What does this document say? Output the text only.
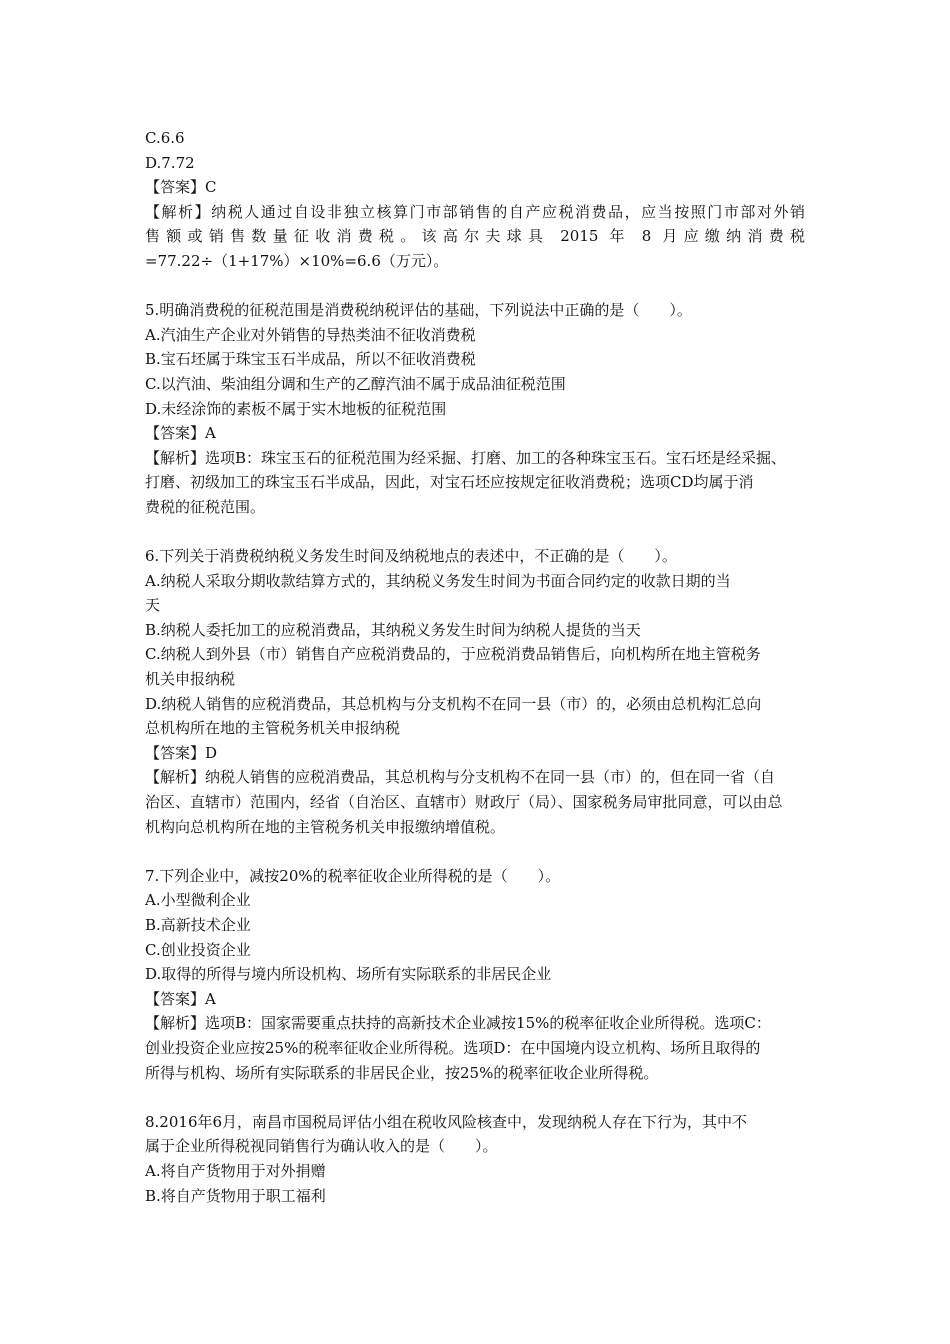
C.6.6
D.7.72
【答案】C
【解析】纳税人通过自设非独立核算门市部销售的自产应税消费品，应当按照门市部对外销
售额或销售数量征收消费税。该高尔夫球具 2015 年 8 月应缴纳消费税
=77.22÷（1+17%）×10%=6.6（万元）。
5.明确消费税的征税范围是消费税纳税评估的基础，下列说法中正确的是（　　）。
A.汽油生产企业对外销售的导热类油不征收消费税
B.宝石坯属于珠宝玉石半成品，所以不征收消费税
C.以汽油、柴油组分调和生产的乙醇汽油不属于成品油征税范围
D.未经涂饰的素板不属于实木地板的征税范围
【答案】A
【解析】选项B：珠宝玉石的征税范围为经采掘、打磨、加工的各种珠宝玉石。宝石坯是经采掘、
打磨、初级加工的珠宝玉石半成品，因此，对宝石坯应按规定征收消费税；选项CD均属于消
费税的征税范围。
6.下列关于消费税纳税义务发生时间及纳税地点的表述中，不正确的是（　　）。
A.纳税人采取分期收款结算方式的，其纳税义务发生时间为书面合同约定的收款日期的当
天
B.纳税人委托加工的应税消费品，其纳税义务发生时间为纳税人提货的当天
C.纳税人到外县（市）销售自产应税消费品的，于应税消费品销售后，向机构所在地主管税务
机关申报纳税
D.纳税人销售的应税消费品，其总机构与分支机构不在同一县（市）的，必须由总机构汇总向
总机构所在地的主管税务机关申报纳税
【答案】D
【解析】纳税人销售的应税消费品，其总机构与分支机构不在同一县（市）的，但在同一省（自
治区、直辖市）范围内，经省（自治区、直辖市）财政厅（局）、国家税务局审批同意，可以由总
机构向总机构所在地的主管税务机关申报缴纳增值税。
7.下列企业中，减按20%的税率征收企业所得税的是（　　）。
A.小型微利企业
B.高新技术企业
C.创业投资企业
D.取得的所得与境内所设机构、场所有实际联系的非居民企业
【答案】A
【解析】选项B：国家需要重点扶持的高新技术企业减按15%的税率征收企业所得税。选项C：
创业投资企业应按25%的税率征收企业所得税。选项D：在中国境内设立机构、场所且取得的
所得与机构、场所有实际联系的非居民企业，按25%的税率征收企业所得税。
8.2016年6月，南昌市国税局评估小组在税收风险核查中，发现纳税人存在下行为，其中不
属于企业所得税视同销售行为确认收入的是（　　）。
A.将自产货物用于对外捐赠
B.将自产货物用于职工福利
